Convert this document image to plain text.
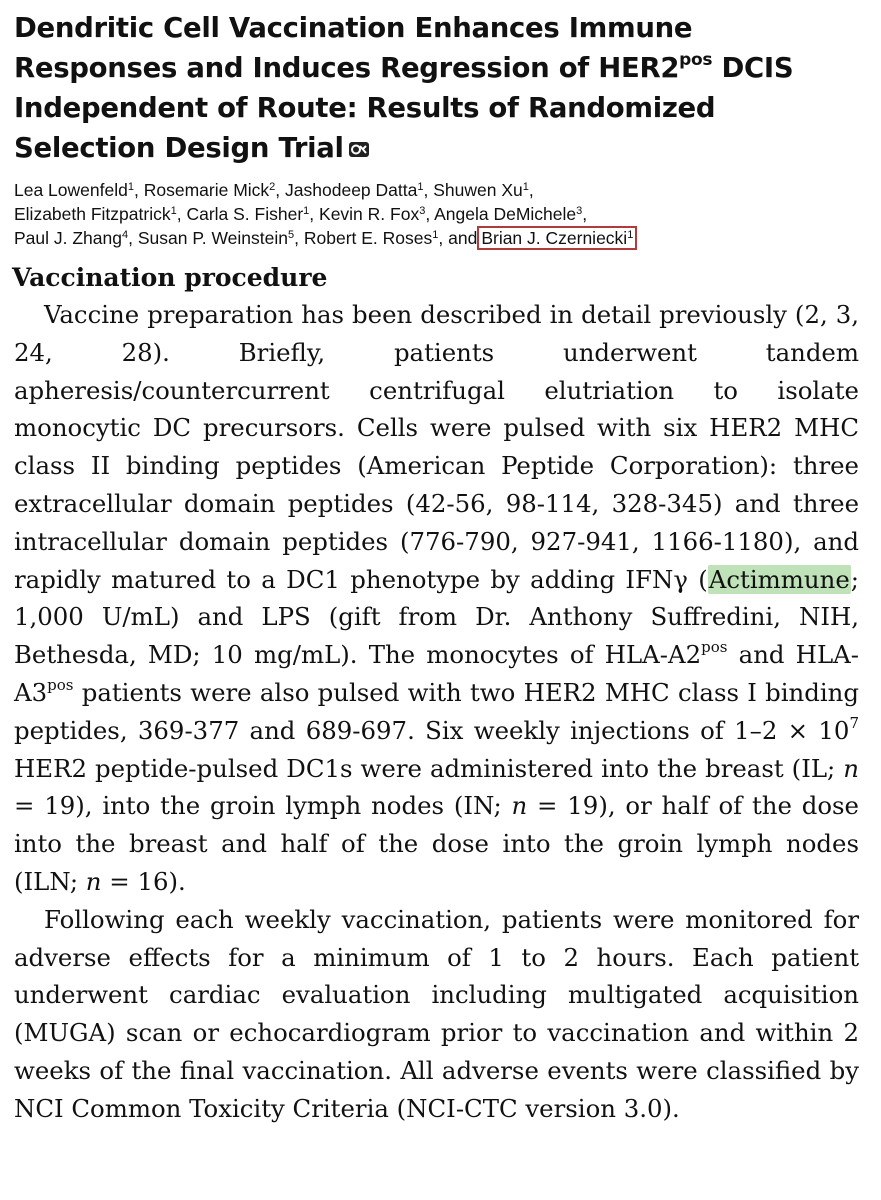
Dendritic Cell Vaccination Enhances Immune Responses and Induces Regression of $HER2^{pos}$ DCIS Independent of Route: Results of Randomized Selection Design Trial
Lea Lowenfeld$^1$, Rosemarie Mick$^2$, Jashodeep Datta$^1$, Shuwen Xu$^1$,
Elizabeth Fitzpatrick$^1$, Carla S. Fisher$^1$, Kevin R. Fox$^3$, Angela DeMichele$^3$,
Paul J. Zhang$^4$, Susan P. Weinstein$^5$, Robert E. Roses$^1$, and Brian J. Czerniecki$^1$
Vaccination procedure

Vaccine preparation has been described in detail previously (2, 3, 24, 28). Briefly, patients underwent tandem apheresis/countercurrent centrifugal elutriation to isolate monocytic DC precursors. Cells were pulsed with six HER2 MHC class II binding peptides (American Peptide Corporation): three extracellular domain peptides (42-56, 98-114, 328-345) and three intracellular domain peptides (776-790, 927-941, 1166-1180), and rapidly matured to a DC1 phenotype by adding IFNγ (Actimmune; 1,000 U/mL) and LPS (gift from Dr. Anthony Suffredini, NIH, Bethesda, MD; 10 mg/mL). The monocytes of HLA-$A2^{pos}$ and HLA-$A3^{pos}$ patients were also pulsed with two HER2 MHC class I binding peptides, 369-377 and 689-697. Six weekly injections of $1-2 \times 10^7$ HER2 peptide-pulsed DC1s were administered into the breast (IL; n = 19), into the groin lymph nodes (IN; n = 19), or half of the dose into the breast and half of the dose into the groin lymph nodes (ILN; n = 16).

Following each weekly vaccination, patients were monitored for adverse effects for a minimum of 1 to 2 hours. Each patient underwent cardiac evaluation including multigated acquisition (MUGA) scan or echocardiogram prior to vaccination and within 2 weeks of the final vaccination. All adverse events were classified by NCI Common Toxicity Criteria (NCI-CTC version 3.0).
